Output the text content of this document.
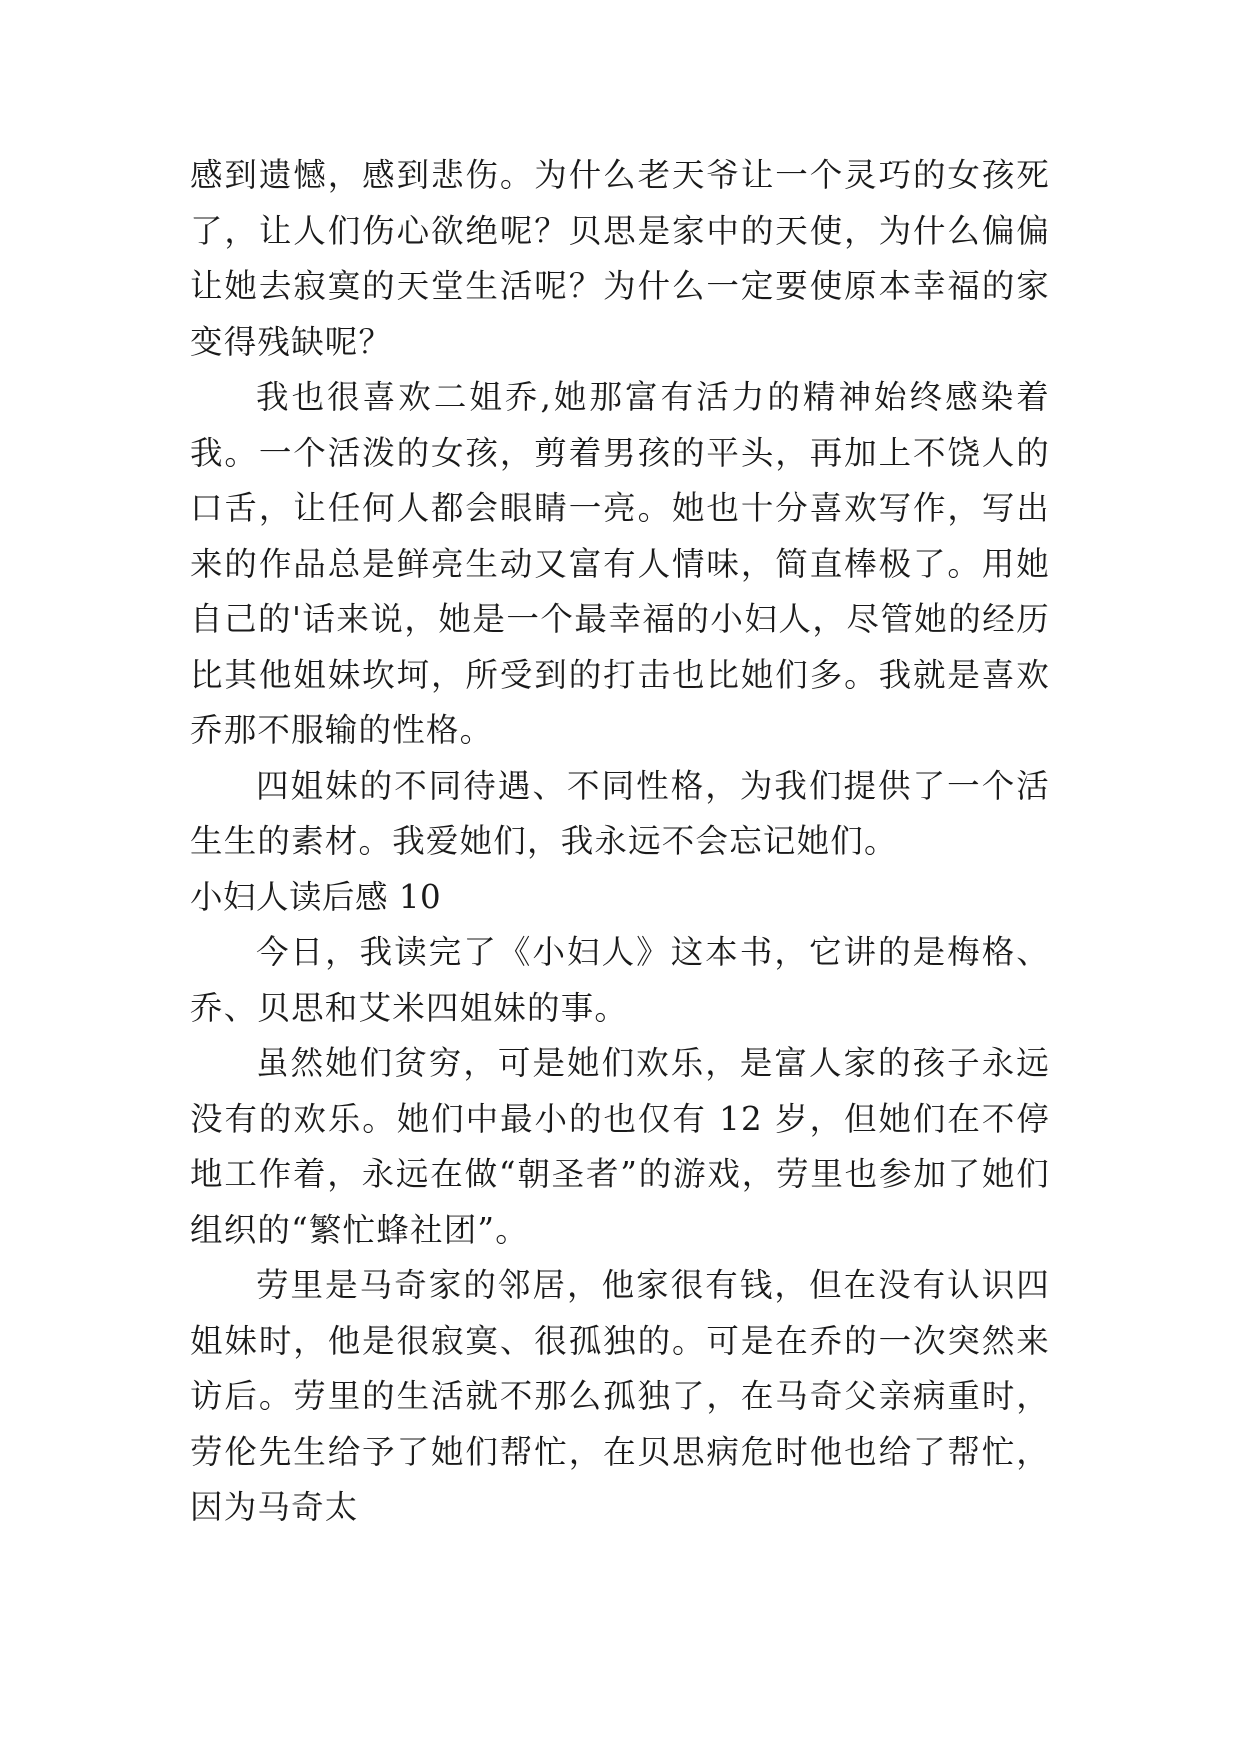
感到遗憾，感到悲伤。为什么老天爷让一个灵巧的女孩死了，让人们伤心欲绝呢？贝思是家中的天使，为什么偏偏让她去寂寞的天堂生活呢？为什么一定要使原本幸福的家变得残缺呢？

我也很喜欢二姐乔,她那富有活力的精神始终感染着我。一个活泼的女孩，剪着男孩的平头，再加上不饶人的口舌，让任何人都会眼睛一亮。她也十分喜欢写作，写出来的作品总是鲜亮生动又富有人情味，简直棒极了。用她自己的'话来说，她是一个最幸福的小妇人，尽管她的经历比其他姐妹坎坷，所受到的打击也比她们多。我就是喜欢乔那不服输的性格。

四姐妹的不同待遇、不同性格，为我们提供了一个活生生的素材。我爱她们，我永远不会忘记她们。

小妇人读后感 10

今日，我读完了《小妇人》这本书，它讲的是梅格、乔、贝思和艾米四姐妹的事。

虽然她们贫穷，可是她们欢乐，是富人家的孩子永远没有的欢乐。她们中最小的也仅有 12 岁，但她们在不停地工作着，永远在做“朝圣者”的游戏，劳里也参加了她们组织的“繁忙蜂社团”。

劳里是马奇家的邻居，他家很有钱，但在没有认识四姐妹时，他是很寂寞、很孤独的。可是在乔的一次突然来访后。劳里的生活就不那么孤独了，在马奇父亲病重时，劳伦先生给予了她们帮忙，在贝思病危时他也给了帮忙，因为马奇太
